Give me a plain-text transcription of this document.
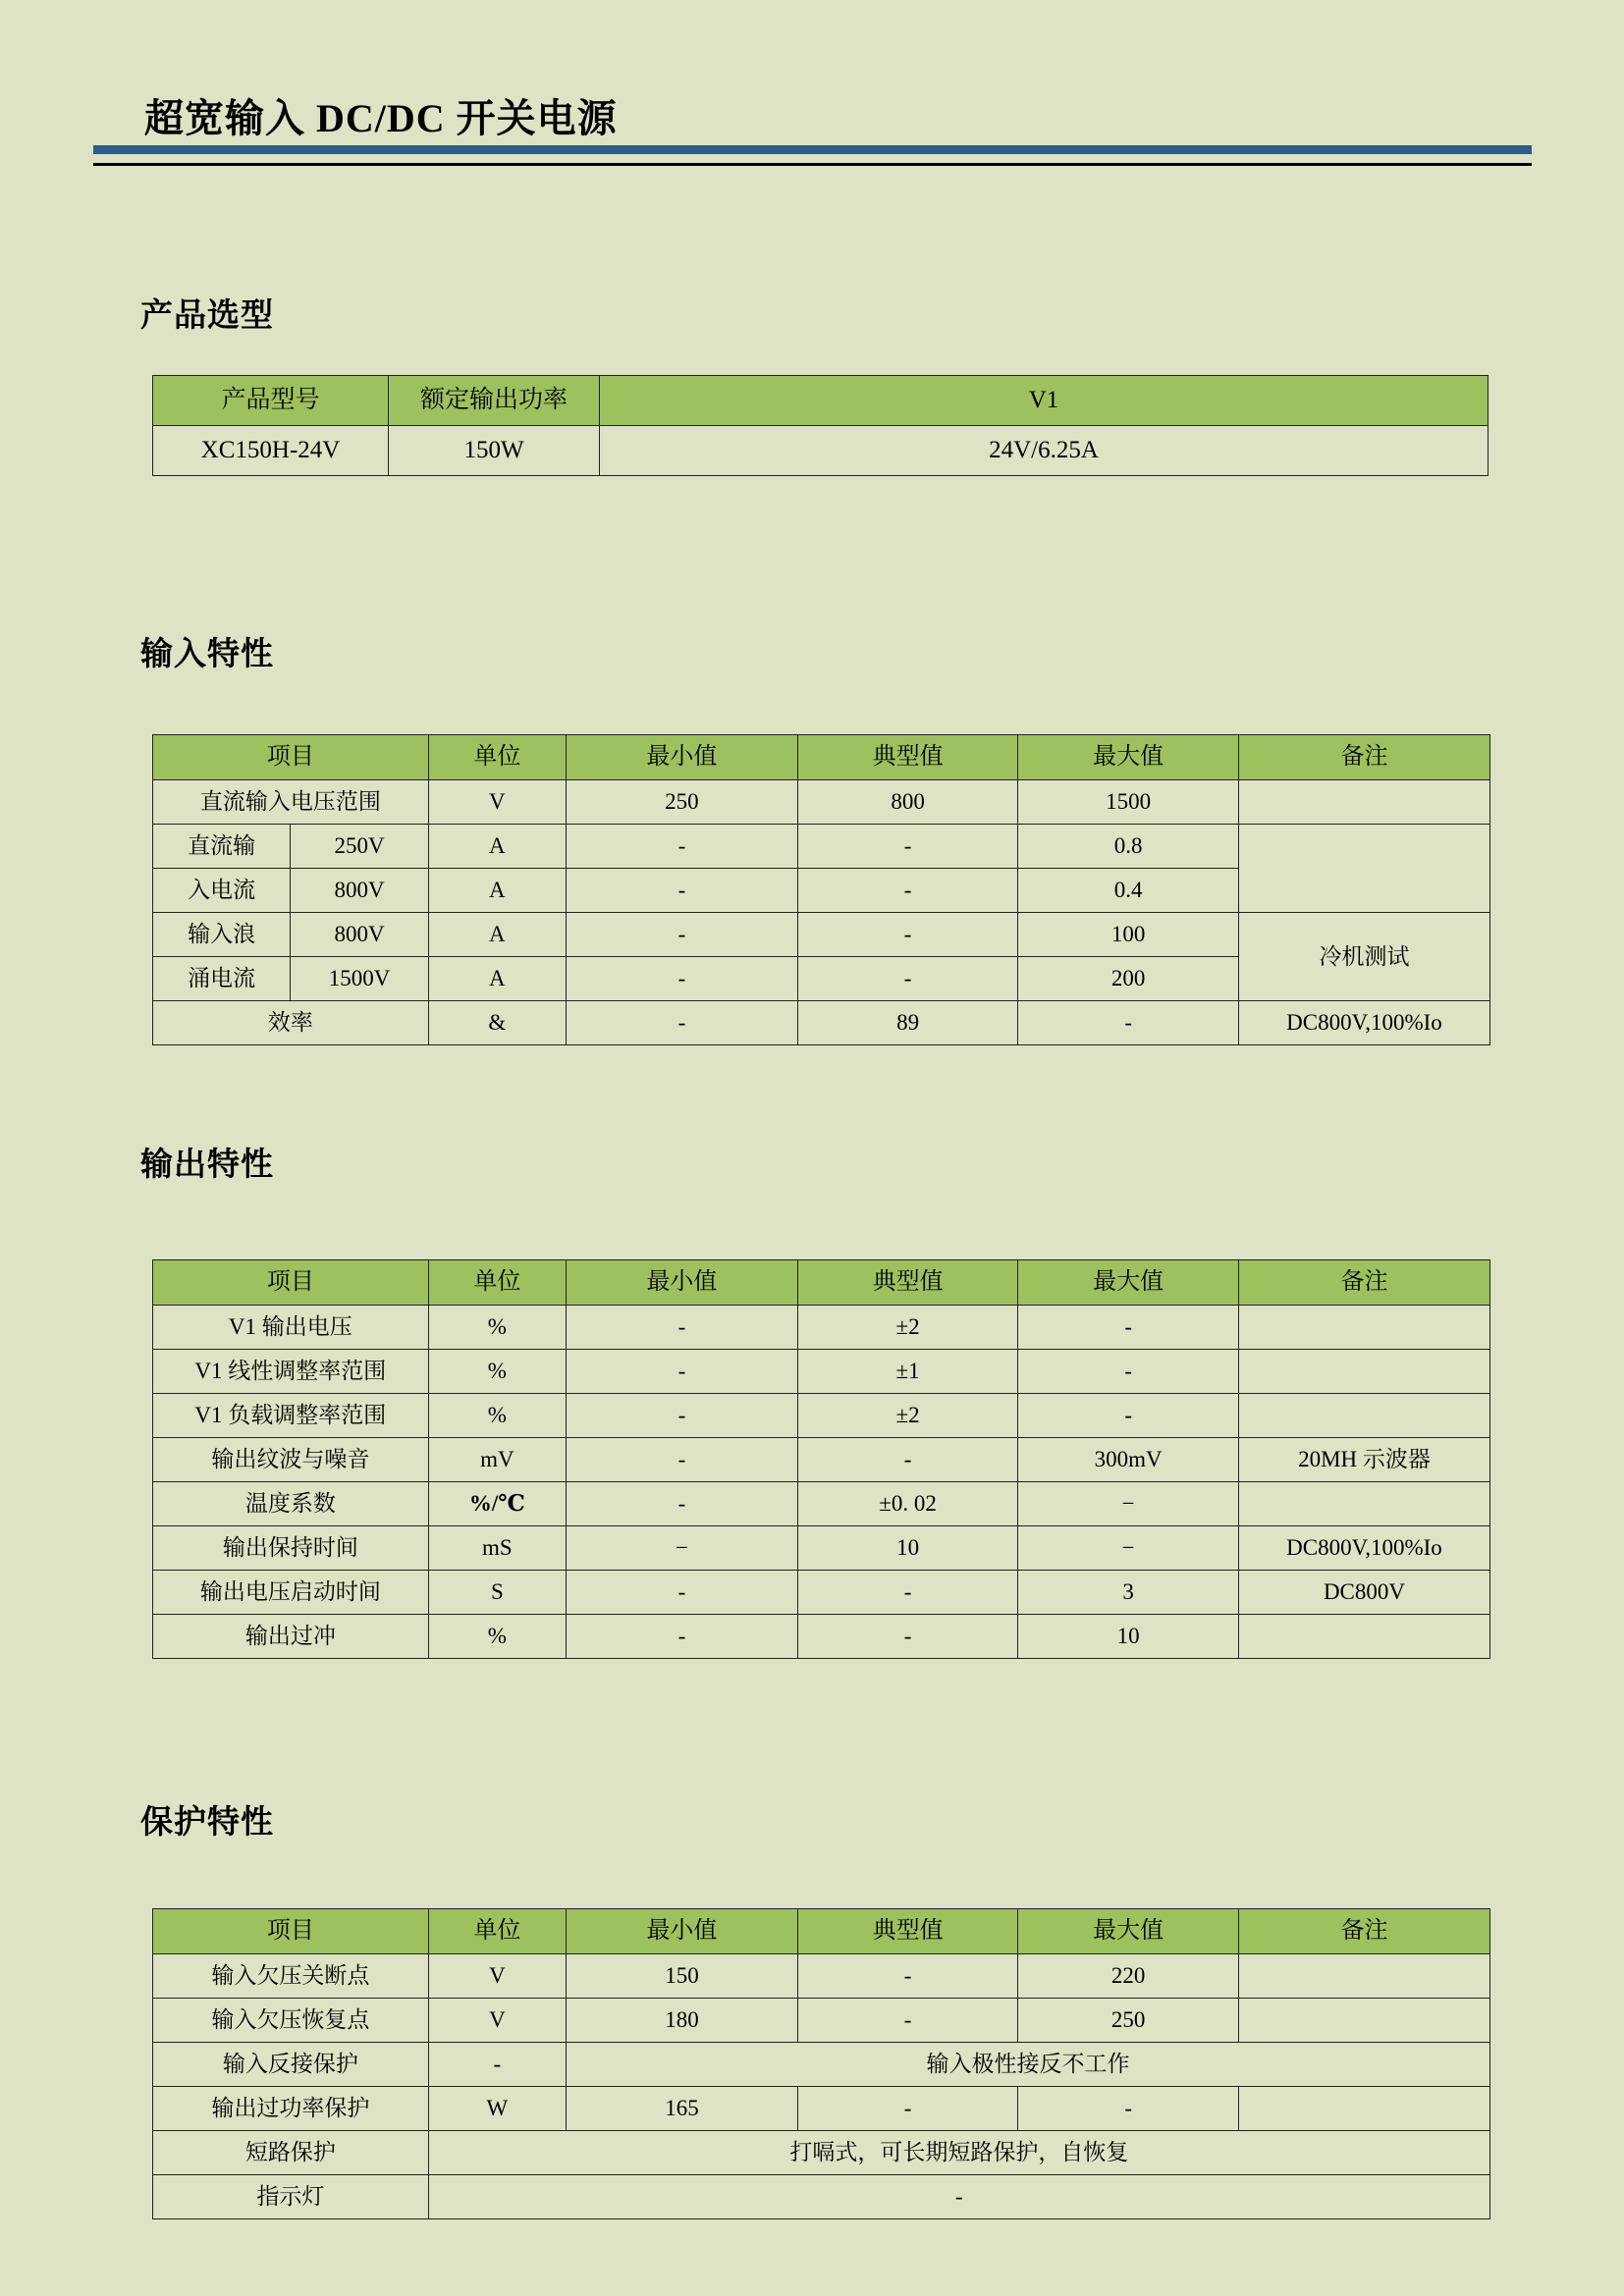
超宽输入 DC/DC 开关电源
产品选型
产品型号	额定输出功率	V1
XC150H-24V	150W	24V/6.25A
输入特性
项目		单位	最小值	典型值	最大值	备注
直流输入电压范围		V	250	800	1500	
直流输	250V	A	-	-	0.8	
入电流	800V	A	-	-	0.4	
输入浪	800V	A	-	-	100	冷机测试
涌电流	1500V	A	-	-	200	
效率		&	-	89	-	DC800V,100%Io
输出特性
项目	单位	最小值	典型值	最大值	备注
V1 输出电压	%	-	±2	-	
V1 线性调整率范围	%	-	±1	-	
V1 负载调整率范围	%	-	±2	-	
输出纹波与噪音	mV	-	-	300mV	20MH 示波器
温度系数	%/℃	-	±0. 02	−	
输出保持时间	mS	−	10	−	DC800V,100%Io
输出电压启动时间	S	-	-	3	DC800V
输出过冲	%	-	-	10	
保护特性
项目	单位	最小值	典型值	最大值	备注
输入欠压关断点	V	150	-	220	
输入欠压恢复点	V	180	-	250	
输入反接保护	-	输入极性接反不工作			
输出过功率保护	W	165	-	-	
短路保护	打嗝式，可长期短路保护，自恢复				
指示灯	-				
